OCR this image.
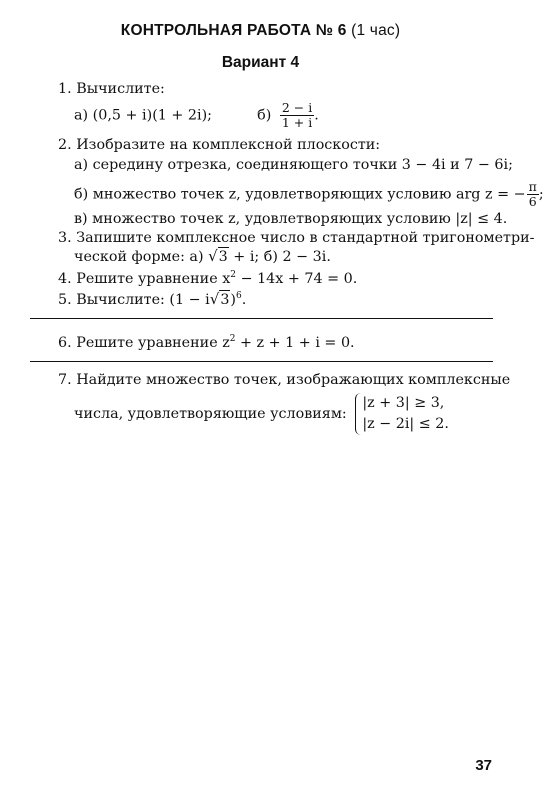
КОНТРОЛЬНАЯ РАБОТА № 6 (1 час)
Вариант 4
1. Вычислите:
а) (0,5 + i)(1 + 2i);	$б) \frac{2 - i}{1 + i}$ .
2. Изобразите на комплексной плоскости:
а) середину отрезка, соединяющего точки 3 − 4i и 7 − 6i;
б) множество точек z, удовлетворяющих условию arg z = − $\frac{\pi}{6}$ ;
в) множество точек z, удовлетворяющих условию |z| ≤ 4.
3. Запишите комплексное число в стандартной тригонометри-
ческой форме: а) √3 + i; б) 2 − 3i.
4. Решите уравнение $x^2 - 14x + 74 = 0$.
5. Вычислите: $(1 - i√3)^6$.
6. Решите уравнение $z^2 + z + 1 + i = 0$.
7. Найдите множество точек, изображающих комплексные
числа, удовлетворяющие условиям:
|z + 3| ≥ 3,
|z − 2i| ≤ 2.
37
